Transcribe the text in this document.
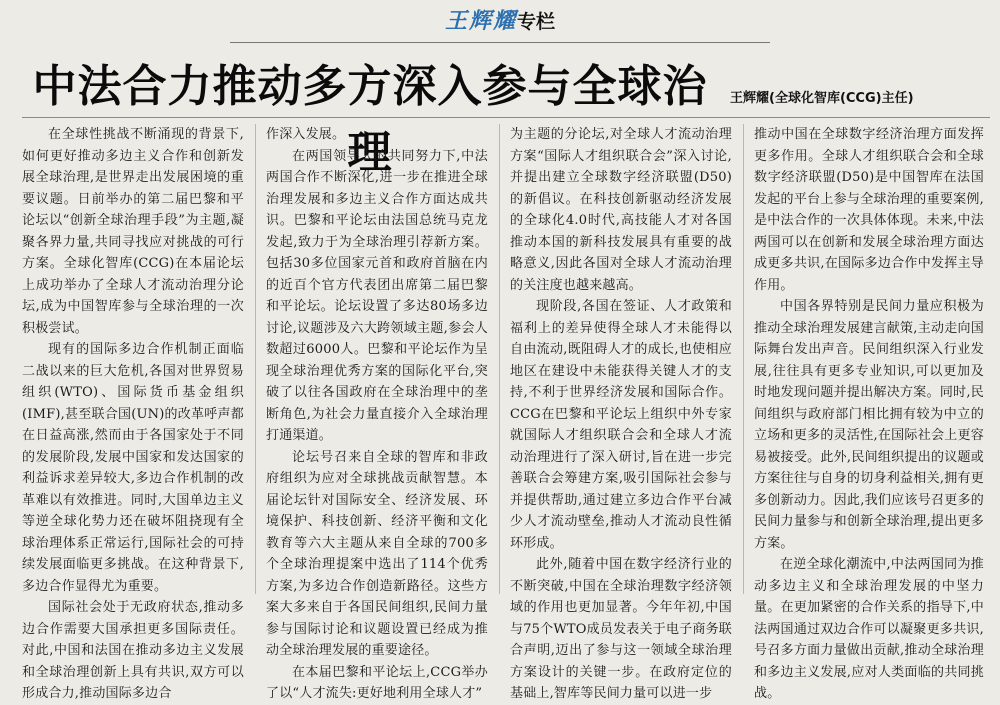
王辉耀专栏
中法合力推动多方深入参与全球治理
王辉耀(全球化智库(CCG)主任)

在全球性挑战不断涌现的背景下,如何更好推动多边主义合作和创新发展全球治理,是世界走出发展困境的重要议题。日前举办的第二届巴黎和平论坛以“创新全球治理手段”为主题,凝聚各界力量,共同寻找应对挑战的可行方案。全球化智库(CCG)在本届论坛上成功举办了全球人才流动治理分论坛,成为中国智库参与全球治理的一次积极尝试。

现有的国际多边合作机制正面临二战以来的巨大危机,各国对世界贸易组织(WTO)、国际货币基金组织(IMF),甚至联合国(UN)的改革呼声都在日益高涨,然而由于各国家处于不同的发展阶段,发展中国家和发达国家的利益诉求差异较大,多边合作机制的改革难以有效推进。同时,大国单边主义等逆全球化势力还在破坏阻挠现有全球治理体系正常运行,国际社会的可持续发展面临更多挑战。在这种背景下,多边合作显得尤为重要。

国际社会处于无政府状态,推动多边合作需要大国承担更多国际责任。对此,中国和法国在推动多边主义发展和全球治理创新上具有共识,双方可以形成合力,推动国际多边合

作深入发展。

在两国领导人的共同努力下,中法两国合作不断深化,进一步在推进全球治理发展和多边主义合作方面达成共识。巴黎和平论坛由法国总统马克龙发起,致力于为全球治理引荐新方案。包括30多位国家元首和政府首脑在内的近百个官方代表团出席第二届巴黎和平论坛。论坛设置了多达80场多边讨论,议题涉及六大跨领域主题,参会人数超过6000人。巴黎和平论坛作为呈现全球治理优秀方案的国际化平台,突破了以往各国政府在全球治理中的垄断角色,为社会力量直接介入全球治理打通渠道。

论坛号召来自全球的智库和非政府组织为应对全球挑战贡献智慧。本届论坛针对国际安全、经济发展、环境保护、科技创新、经济平衡和文化教育等六大主题从来自全球的700多个全球治理提案中选出了114个优秀方案,为多边合作创造新路径。这些方案大多来自于各国民间组织,民间力量参与国际讨论和议题设置已经成为推动全球治理发展的重要途径。

在本届巴黎和平论坛上,CCG举办了以“人才流失:更好地利用全球人才”

为主题的分论坛,对全球人才流动治理方案“国际人才组织联合会”深入讨论,并提出建立全球数字经济联盟(D50)的新倡议。在科技创新驱动经济发展的全球化4.0时代,高技能人才对各国推动本国的新科技发展具有重要的战略意义,因此各国对全球人才流动治理的关注度也越来越高。

现阶段,各国在签证、人才政策和福利上的差异使得全球人才未能得以自由流动,既阻碍人才的成长,也使相应地区在建设中未能获得关键人才的支持,不利于世界经济发展和国际合作。CCG在巴黎和平论坛上组织中外专家就国际人才组织联合会和全球人才流动治理进行了深入研讨,旨在进一步完善联合会筹建方案,吸引国际社会参与并提供帮助,通过建立多边合作平台减少人才流动壁垒,推动人才流动良性循环形成。

此外,随着中国在数字经济行业的不断突破,中国在全球治理数字经济领域的作用也更加显著。今年年初,中国与75个WTO成员发表关于电子商务联合声明,迈出了参与这一领域全球治理方案设计的关键一步。在政府定位的基础上,智库等民间力量可以进一步

推动中国在全球数字经济治理方面发挥更多作用。全球人才组织联合会和全球数字经济联盟(D50)是中国智库在法国发起的平台上参与全球治理的重要案例,是中法合作的一次具体体现。未来,中法两国可以在创新和发展全球治理方面达成更多共识,在国际多边合作中发挥主导作用。

中国各界特别是民间力量应积极为推动全球治理发展建言献策,主动走向国际舞台发出声音。民间组织深入行业发展,往往具有更多专业知识,可以更加及时地发现问题并提出解决方案。同时,民间组织与政府部门相比拥有较为中立的立场和更多的灵活性,在国际社会上更容易被接受。此外,民间组织提出的议题或方案往往与自身的切身利益相关,拥有更多创新动力。因此,我们应该号召更多的民间力量参与和创新全球治理,提出更多方案。

在逆全球化潮流中,中法两国同为推动多边主义和全球治理发展的中坚力量。在更加紧密的合作关系的指导下,中法两国通过双边合作可以凝聚更多共识,号召多方面力量做出贡献,推动全球治理和多边主义发展,应对人类面临的共同挑战。
